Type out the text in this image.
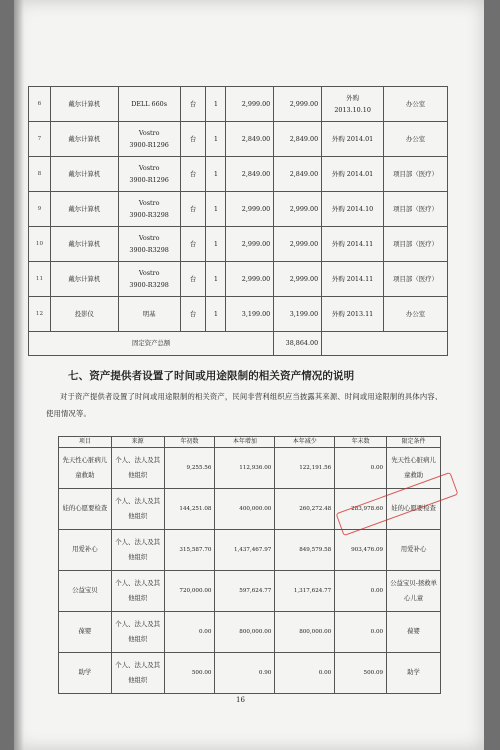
6	戴尔计算机	DELL 660s	台	1	2,999.00	2,999.00	外购
2013.10.10	办公室
7	戴尔计算机	Vostro
3900-R1296	台	1	2,849.00	2,849.00	外购 2014.01	办公室
8	戴尔计算机	Vostro
3900-R1296	台	1	2,849.00	2,849.00	外购 2014.01	项目部（医疗）
9	戴尔计算机	Vostro
3900-R3298	台	1	2,999.00	2,999.00	外购 2014.10	项目部（医疗）
10	戴尔计算机	Vostro
3900-R3298	台	1	2,999.00	2,999.00	外购 2014.11	项目部（医疗）
11	戴尔计算机	Vostro
3900-R3298	台	1	2,999.00	2,999.00	外购 2014.11	项目部（医疗）
12	投影仪	明基	台	1	3,199.00	3,199.00	外购 2013.11	办公室
固定资产总额						38,864.00		
七、资产提供者设置了时间或用途限制的相关资产情况的说明

对于资产提供者设置了时间或用途限制的相关资产，民间非营利组织应当披露其来源、时间或用途限制的具体内容、使用情况等。

项目	来源	年初数	本年增加	本年减少	年末数	限定条件
先天性心脏病儿童救助	个人、法人及其他组织	9,255.56	112,936.00	122,191.56	0.00	先天性心脏病儿童救助
娃的心愿要检查	个人、法人及其他组织	144,251.08	400,000.00	260,272.48	283,978.60	娃的心愿要检查
用爱补心	个人、法人及其他组织	315,587.70	1,437,467.97	849,579.58	903,476.09	用爱补心
公益宝贝	个人、法人及其他组织	720,000.00	597,624.77	1,317,624.77	0.00	公益宝贝-拯救单心儿童
葆婴	个人、法人及其他组织	0.00	800,000.00	800,000.00	0.00	葆婴
助学	个人、法人及其他组织	500.00	0.90	0.00	500.09	助学
16
